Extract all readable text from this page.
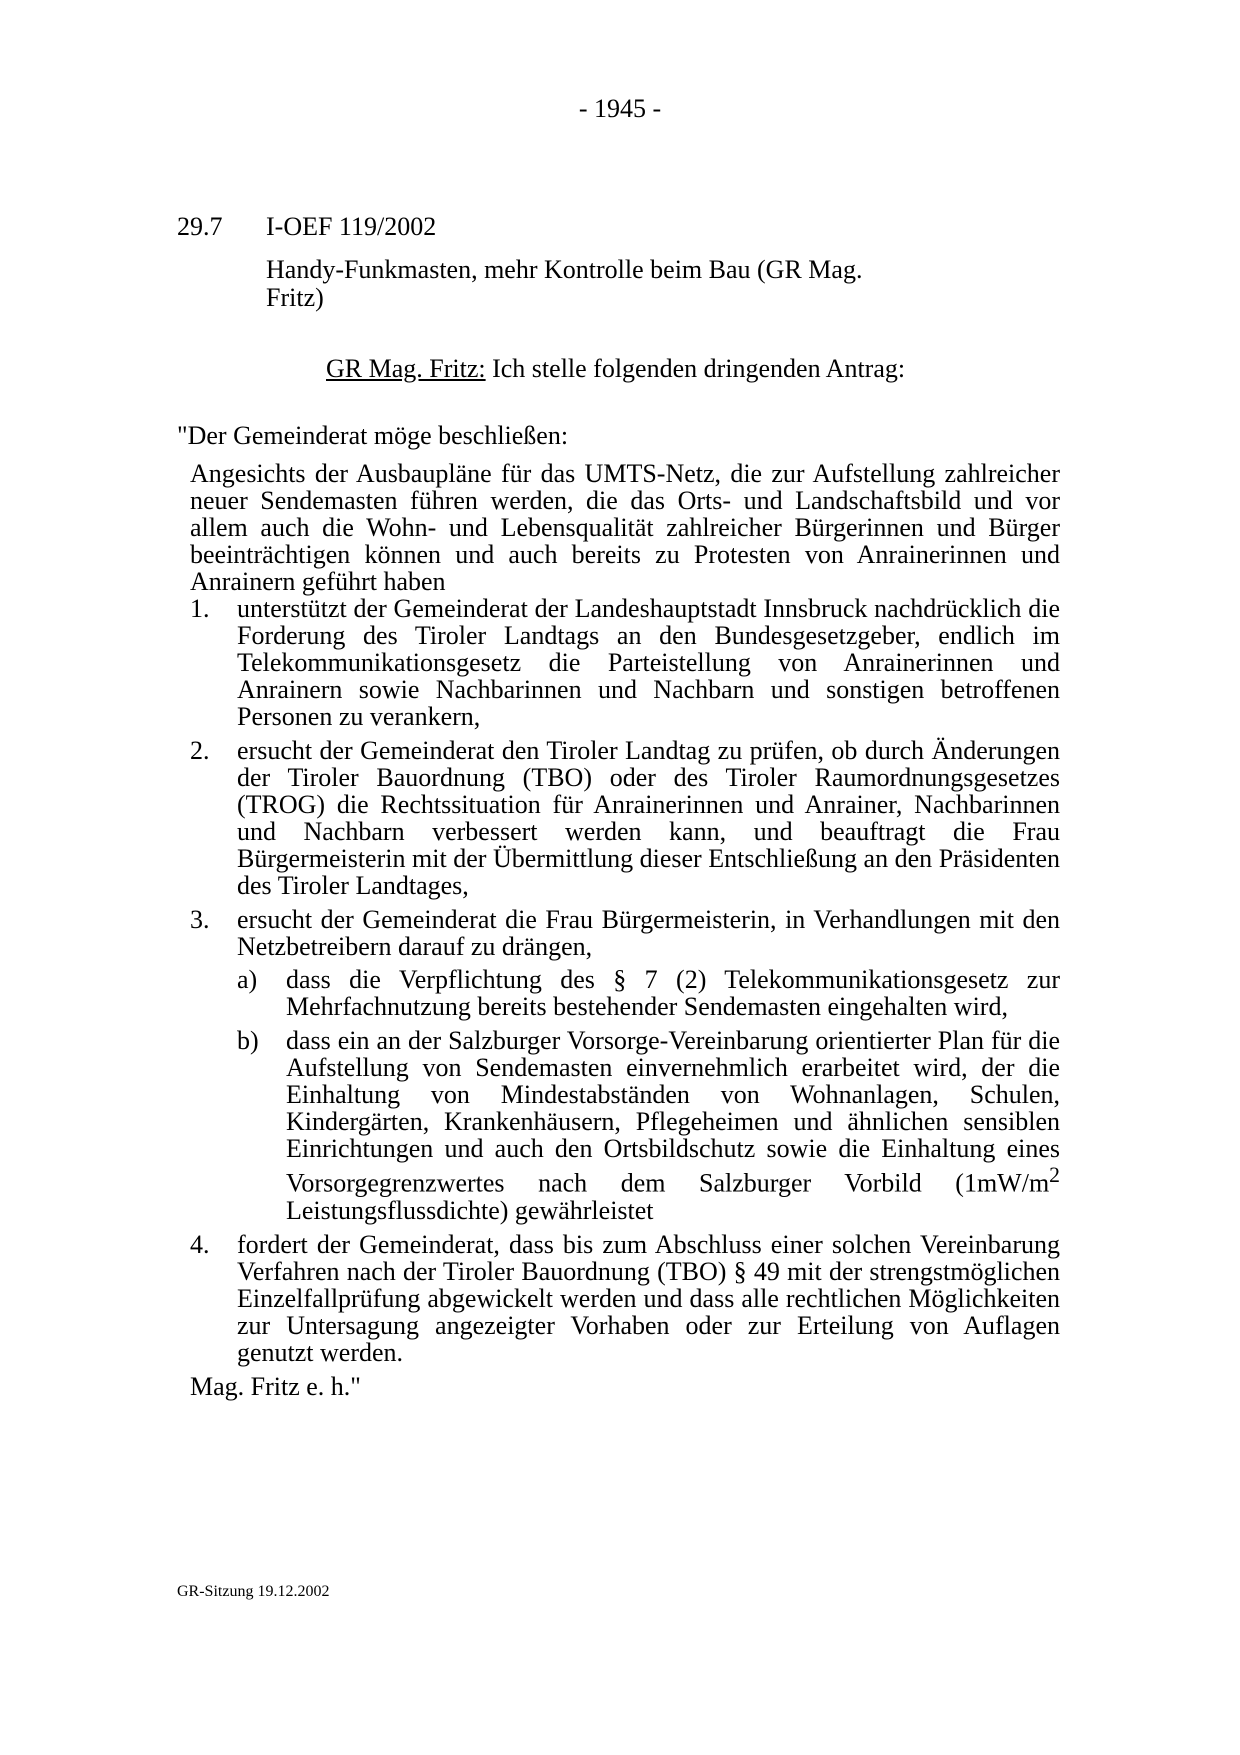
- 1945 -
29.7 I-OEF 119/2002
Handy-Funkmasten, mehr Kontrolle beim Bau (GR Mag. Fritz)
GR Mag. Fritz: Ich stelle folgenden dringenden Antrag:
"Der Gemeinderat möge beschließen:

Angesichts der Ausbaupläne für das UMTS-Netz, die zur Aufstellung zahlreicher neuer Sendemasten führen werden, die das Orts- und Landschaftsbild und vor allem auch die Wohn- und Lebensqualität zahlreicher Bürgerinnen und Bürger beeinträchtigen können und auch bereits zu Protesten von Anrainerinnen und Anrainern geführt haben

1.	unterstützt der Gemeinderat der Landeshauptstadt Innsbruck nachdrücklich die Forderung des Tiroler Landtags an den Bundesgesetzgeber, endlich im Telekommunikationsgesetz die Parteistellung von Anrainerinnen und Anrainern sowie Nachbarinnen und Nachbarn und sonstigen betroffenen Personen zu verankern,
2.	ersucht der Gemeinderat den Tiroler Landtag zu prüfen, ob durch Änderungen der Tiroler Bauordnung (TBO) oder des Tiroler Raumordnungsgesetzes (TROG) die Rechtssituation für Anrainerinnen und Anrainer, Nachbarinnen und Nachbarn verbessert werden kann, und beauftragt die Frau Bürgermeisterin mit der Übermittlung dieser Entschließung an den Präsidenten des Tiroler Landtages,
3.	ersucht der Gemeinderat die Frau Bürgermeisterin, in Verhandlungen mit den Netzbetreibern darauf zu drängen,
a)	dass die Verpflichtung des § 7 (2) Telekommunikationsgesetz zur Mehrfachnutzung bereits bestehender Sendemasten eingehalten wird,
b)	dass ein an der Salzburger Vorsorge-Vereinbarung orientierter Plan für die Aufstellung von Sendemasten einvernehmlich erarbeitet wird, der die Einhaltung von Mindestabständen von Wohnanlagen, Schulen, Kindergärten, Krankenhäusern, Pflegeheimen und ähnlichen sensiblen Einrichtungen und auch den Ortsbildschutz sowie die Einhaltung eines Vorsorgegrenzwertes nach dem Salzburger Vorbild ($1mW/m^2$ Leistungsflussdichte) gewährleistet
4.	fordert der Gemeinderat, dass bis zum Abschluss einer solchen Vereinbarung Verfahren nach der Tiroler Bauordnung (TBO) § 49 mit der strengstmöglichen Einzelfallprüfung abgewickelt werden und dass alle rechtlichen Möglichkeiten zur Untersagung angezeigter Vorhaben oder zur Erteilung von Auflagen genutzt werden.

Mag. Fritz e. h."

GR-Sitzung 19.12.2002
